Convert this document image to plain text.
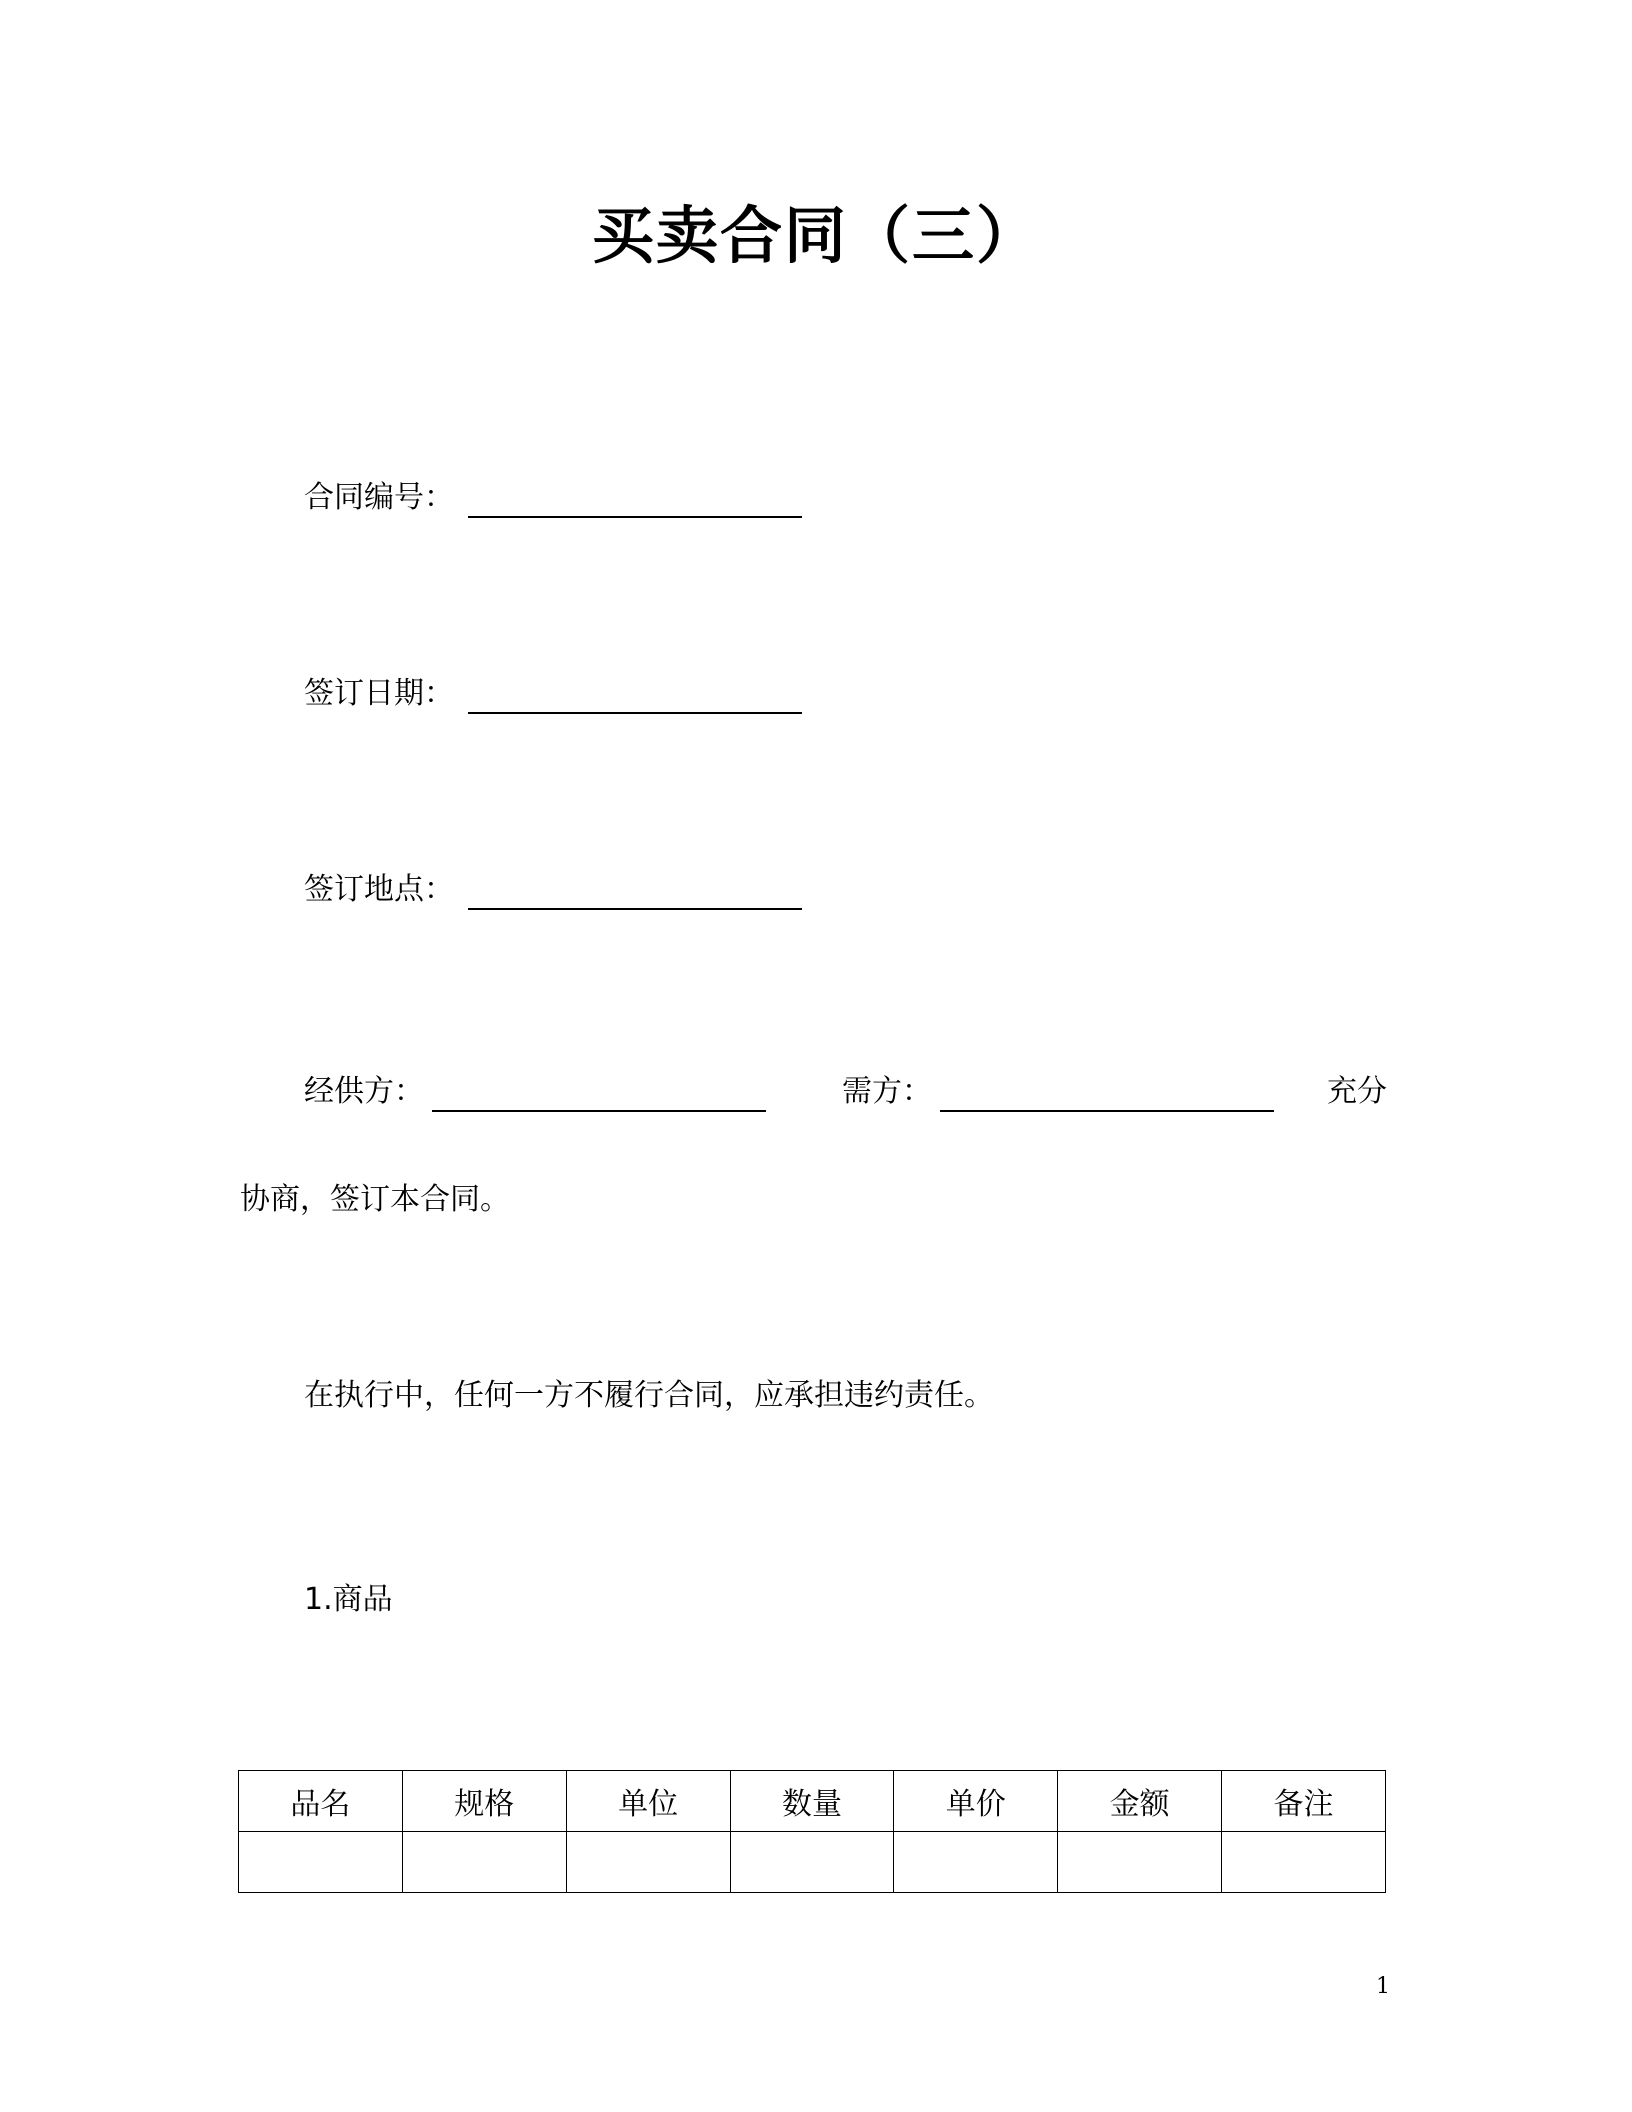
买卖合同（三）
合同编号：
签订日期：
签订地点：
经供方：	需方：	充分
协商，签订本合同。
在执行中，任何一方不履行合同，应承担违约责任。
1.商品
品名	规格	单位	数量	单价	金额	备注

1
